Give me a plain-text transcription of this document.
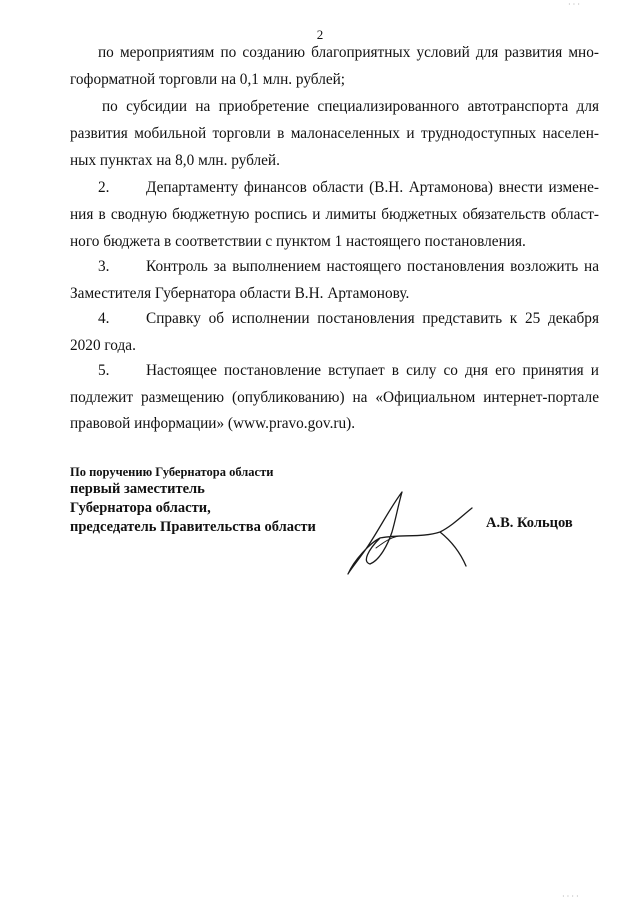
2
по мероприятиям по созданию благоприятных условий для развития мно-
гоформатной торговли на 0,1 млн. рублей;
по субсидии на приобретение специализированного автотранспорта для
развития мобильной торговли в малонаселенных и труднодоступных населен-
ных пунктах на 8,0 млн. рублей.
2. Департаменту финансов области (В.Н. Артамонова) внести измене-
ния в сводную бюджетную роспись и лимиты бюджетных обязательств област-
ного бюджета в соответствии с пунктом 1 настоящего постановления.
3. Контроль за выполнением настоящего постановления возложить на
Заместителя Губернатора области В.Н. Артамонову.
4. Справку об исполнении постановления представить к 25 декабря
2020 года.
5. Настоящее постановление вступает в силу со дня его принятия и
подлежит размещению (опубликованию) на «Официальном интернет-портале
правовой информации» (www.pravo.gov.ru).
По поручению Губернатора области
первый заместитель
Губернатора области,
председатель Правительства области	А.В. Кольцов
· · ·
· · · ·
